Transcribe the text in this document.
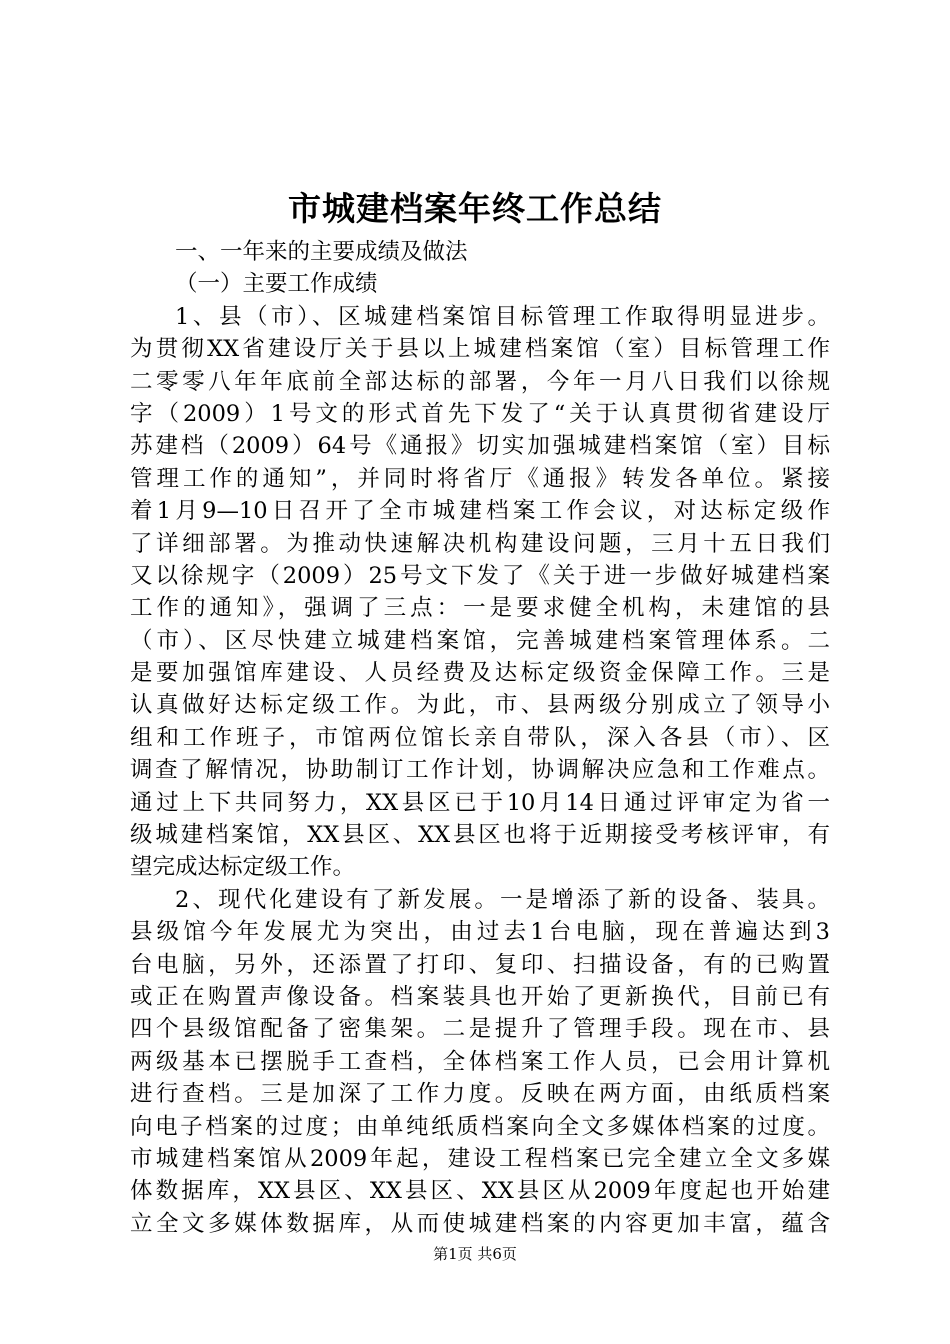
市城建档案年终工作总结
一、一年来的主要成绩及做法
（一）主要工作成绩
1、县（市）、区城建档案馆目标管理工作取得明显进步。
为贯彻XX省建设厅关于县以上城建档案馆（室）目标管理工作
二零零八年年底前全部达标的部署，今年一月八日我们以徐规
字（2009）1号文的形式首先下发了“关于认真贯彻省建设厅
苏建档（2009）64号《通报》切实加强城建档案馆（室）目标
管理工作的通知”，并同时将省厅《通报》转发各单位。紧接
着1月9—10日召开了全市城建档案工作会议，对达标定级作
了详细部署。为推动快速解决机构建设问题，三月十五日我们
又以徐规字（2009）25号文下发了《关于进一步做好城建档案
工作的通知》，强调了三点：一是要求健全机构，未建馆的县
（市）、区尽快建立城建档案馆，完善城建档案管理体系。二
是要加强馆库建设、人员经费及达标定级资金保障工作。三是
认真做好达标定级工作。为此，市、县两级分别成立了领导小
组和工作班子，市馆两位馆长亲自带队，深入各县（市）、区
调查了解情况，协助制订工作计划，协调解决应急和工作难点。
通过上下共同努力，XX县区已于10月14日通过评审定为省一
级城建档案馆，XX县区、XX县区也将于近期接受考核评审，有
望完成达标定级工作。
2、现代化建设有了新发展。一是增添了新的设备、装具。
县级馆今年发展尤为突出，由过去1台电脑，现在普遍达到3
台电脑，另外，还添置了打印、复印、扫描设备，有的已购置
或正在购置声像设备。档案装具也开始了更新换代，目前已有
四个县级馆配备了密集架。二是提升了管理手段。现在市、县
两级基本已摆脱手工查档，全体档案工作人员，已会用计算机
进行查档。三是加深了工作力度。反映在两方面，由纸质档案
向电子档案的过度；由单纯纸质档案向全文多媒体档案的过度。
市城建档案馆从2009年起，建设工程档案已完全建立全文多媒
体数据库，XX县区、XX县区、XX县区从2009年度起也开始建
立全文多媒体数据库，从而使城建档案的内容更加丰富，蕴含
第1页 共6页
